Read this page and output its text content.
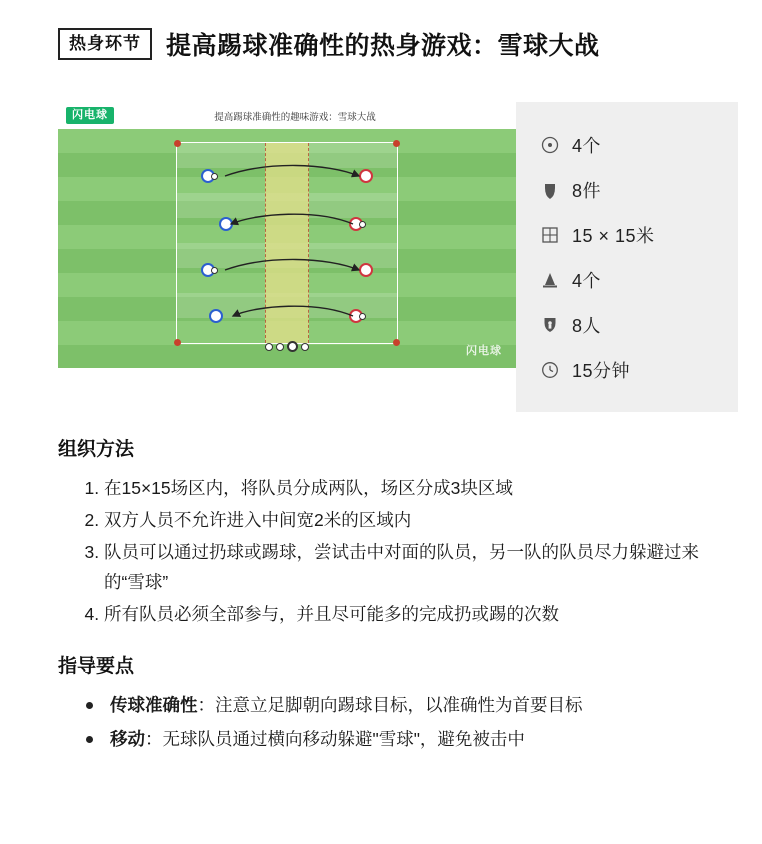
热身环节	提高踢球准确性的热身游戏：雪球大战
闪电球	提高踢球准确性的趣味游戏：雪球大战
闪电球
4个
8件
15 × 15米
4个
8人
15分钟
组织方法
1. 在15×15场区内，将队员分成两队，场区分成3块区域
2. 双方人员不允许进入中间宽2米的区域内
3. 队员可以通过扔球或踢球，尝试击中对面的队员，另一队的队员尽力躲避过来的“雪球”
4. 所有队员必须全部参与，并且尽可能多的完成扔或踢的次数
指导要点
传球准确性：注意立足脚朝向踢球目标，以准确性为首要目标
移动：无球队员通过横向移动躲避"雪球"，避免被击中
